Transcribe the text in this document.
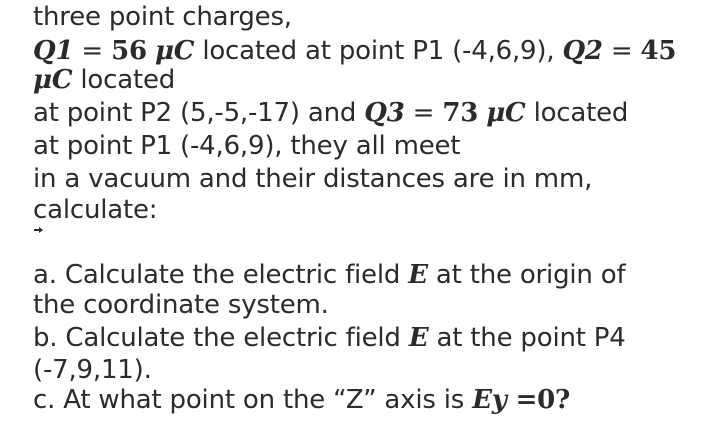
three point charges,
Q1 = 56 μC located at point P1 (-4,6,9), Q2 = 45
μC located
at point P2 (5,-5,-17) and Q3 = 73 μC located
at point P1 (-4,6,9), they all meet
in a vacuum and their distances are in mm,
calculate:
a. Calculate the electric field E at the origin of
the coordinate system.
b. Calculate the electric field E at the point P4
(-7,9,11).
c. At what point on the “Z” axis is Ey =0?
